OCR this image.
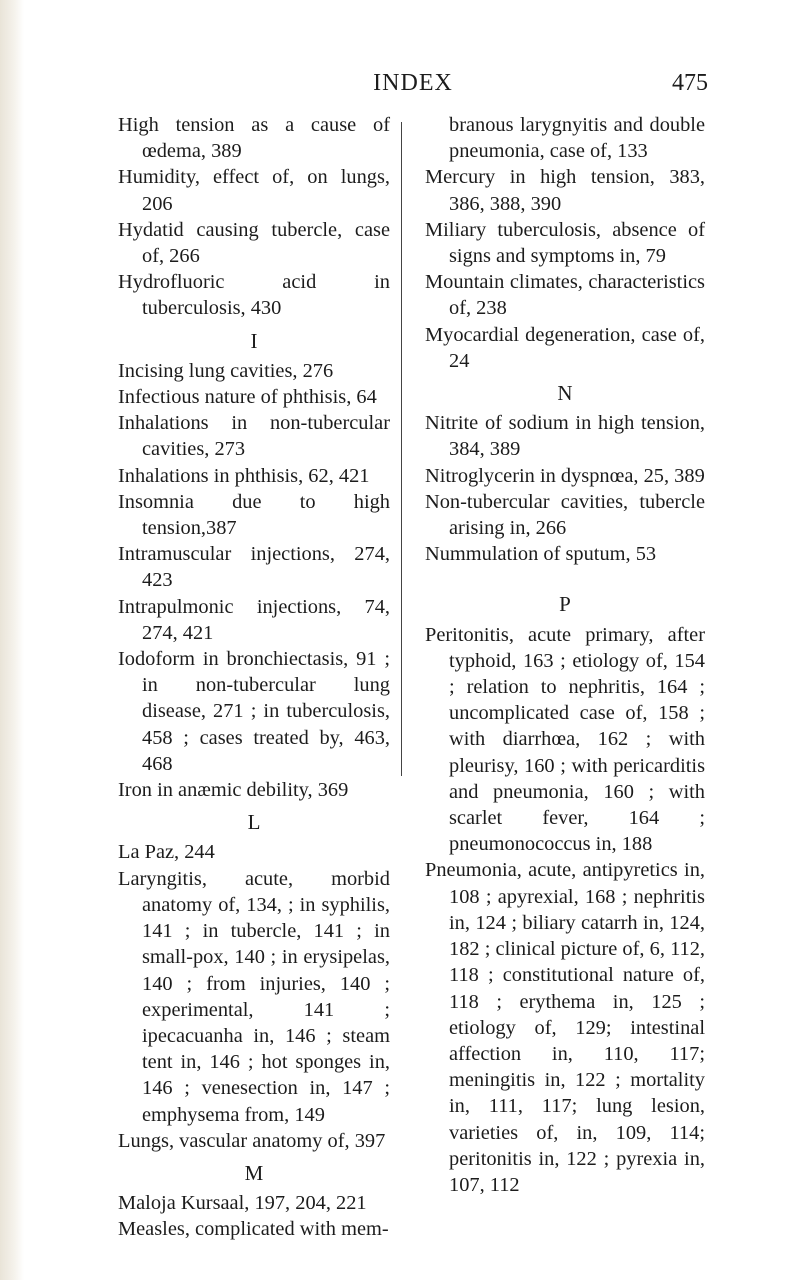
INDEX	475

High tension as a cause of œdema, 389

Humidity, effect of, on lungs, 206

Hydatid causing tubercle, case of, 266

Hydrofluoric acid in tuberculosis, 430

I

Incising lung cavities, 276

Infectious nature of phthisis, 64

Inhalations in non-tubercular cavities, 273

Inhalations in phthisis, 62, 421

Insomnia due to high tension,387

Intramuscular injections, 274, 423

Intrapulmonic injections, 74, 274, 421

Iodoform in bronchiectasis, 91 ; in non-tubercular lung disease, 271 ; in tuberculosis, 458 ; cases treated by, 463, 468

Iron in anæmic debility, 369

L

La Paz, 244

Laryngitis, acute, morbid anatomy of, 134, ; in syphilis, 141 ; in tubercle, 141 ; in small-pox, 140 ; in erysipelas, 140 ; from injuries, 140 ; experimental, 141 ; ipecacuanha in, 146 ; steam tent in, 146 ; hot sponges in, 146 ; venesection in, 147 ; emphysema from, 149

Lungs, vascular anatomy of, 397

M

Maloja Kursaal, 197, 204, 221

Measles, complicated with mem-

branous larygnyitis and double pneumonia, case of, 133

Mercury in high tension, 383, 386, 388, 390

Miliary tuberculosis, absence of signs and symptoms in, 79

Mountain climates, characteristics of, 238

Myocardial degeneration, case of, 24

N

Nitrite of sodium in high tension, 384, 389

Nitroglycerin in dyspnœa, 25, 389

Non-tubercular cavities, tubercle arising in, 266

Nummulation of sputum, 53

P

Peritonitis, acute primary, after typhoid, 163 ; etiology of, 154 ; relation to nephritis, 164 ; uncomplicated case of, 158 ; with diarrhœa, 162 ; with pleurisy, 160 ; with pericarditis and pneumonia, 160 ; with scarlet fever, 164 ; pneumonococcus in, 188

Pneumonia, acute, antipyretics in, 108 ; apyrexial, 168 ; nephritis in, 124 ; biliary catarrh in, 124, 182 ; clinical picture of, 6, 112, 118 ; constitutional nature of, 118 ; erythema in, 125 ; etiology of, 129; intestinal affection in, 110, 117; meningitis in, 122 ; mortality in, 111, 117; lung lesion, varieties of, in, 109, 114; peritonitis in, 122 ; pyrexia in, 107, 112
